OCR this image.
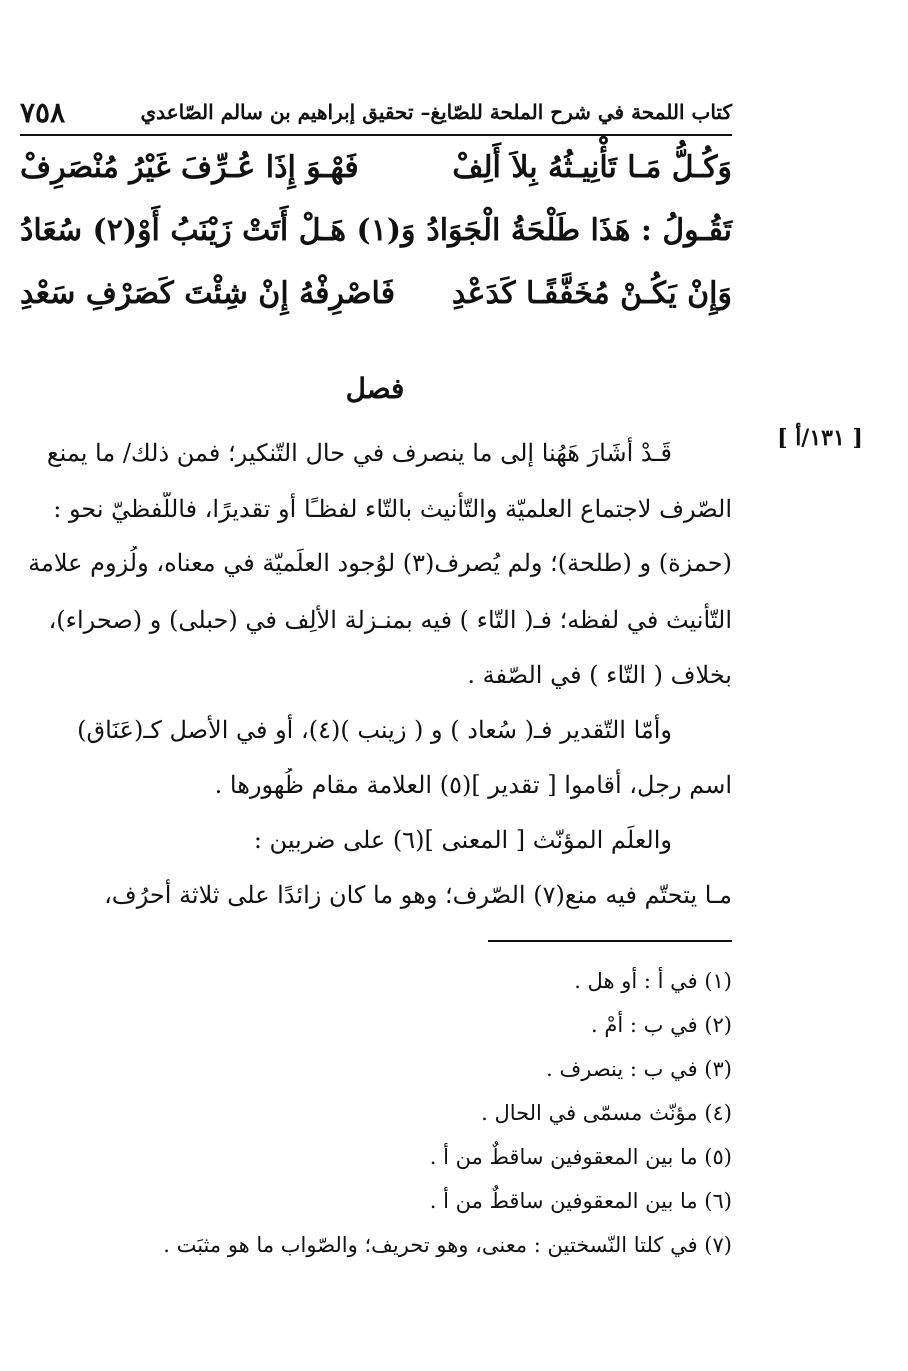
كتاب اللمحة في شرح الملحة للصّايغ– تحقيق إبراهيم بن سالم الصّاعدي
٧٥٨
وَكُـلُّ مَـا تَأْنِيـثُهُ بِلاَ أَلِفْ
فَهْـوَ إِذَا عُـرِّفَ غَيْرُ مُنْصَرِفْ
تَقُـولُ : هَذَا طَلْحَةُ الْجَوَادُ
وَ(١) هَـلْ أَتَتْ زَيْنَبُ أَوْ(٢) سُعَادُ
وَإِنْ يَكُـنْ مُخَفَّفًـا كَدَعْدِ
فَاصْرِفْهُ إِنْ شِئْتَ كَصَرْفِ سَعْدِ
فصل
[ ١٣١/أ ]
قَـدْ أَشَارَ هَهُنا إلى ما ينصرف في حال التّنكير؛ فمن ذلك/ ما يمنع
الصّرف لاجتماع العلميّة والتّأنيث بالتّاء لفظـًا أو تقديرًا، فاللّفظيّ نحو :
(حمزة) و (طلحة)؛ ولم يُصرف(٣) لوُجود العلَميّة في معناه، ولُزوم علامة
التّأنيث في لفظه؛ فـ( التّاء ) فيه بمنـزلة الألِف في (حبلى) و (صحراء)،
بخلاف ( التّاء ) في الصّفة .
وأمّا التّقدير فـ( سُعاد ) و ( زينب )(٤)، أو في الأصل كـ(عَنَاق)
اسم رجل، أقاموا [ تقدير ](٥) العلامة مقام ظُهورها .
والعلَم المؤنّث [ المعنى ](٦) على ضربين :
مـا يتحتّم فيه منع(٧) الصّرف؛ وهو ما كان زائدًا على ثلاثة أحرُف،
(١) في أ : أو هل .
(٢) في ب : أمْ .
(٣) في ب : ينصرف .
(٤) مؤنّث مسمّى في الحال .
(٥) ما بين المعقوفين ساقطٌ من أ .
(٦) ما بين المعقوفين ساقطٌ من أ .
(٧) في كلتا النّسختين : معنى، وهو تحريف؛ والصّواب ما هو مثبَت .
